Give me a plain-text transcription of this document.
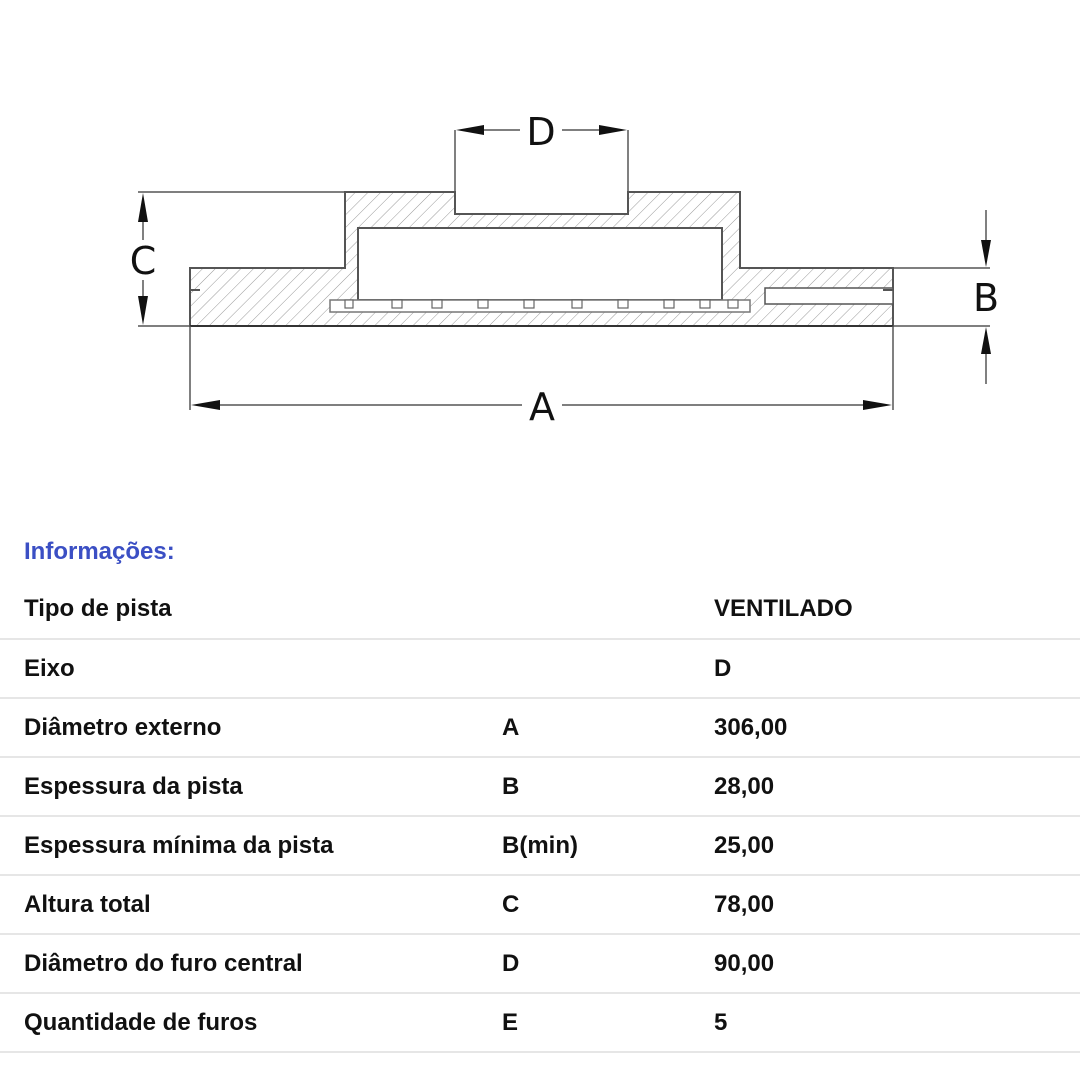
D
C
B
A
Informações:
Tipo de pista		VENTILADO
Eixo		D
Diâmetro externo	A	306,00
Espessura da pista	B	28,00
Espessura mínima da pista	B(min)	25,00
Altura total	C	78,00
Diâmetro do furo central	D	90,00
Quantidade de furos	E	5
